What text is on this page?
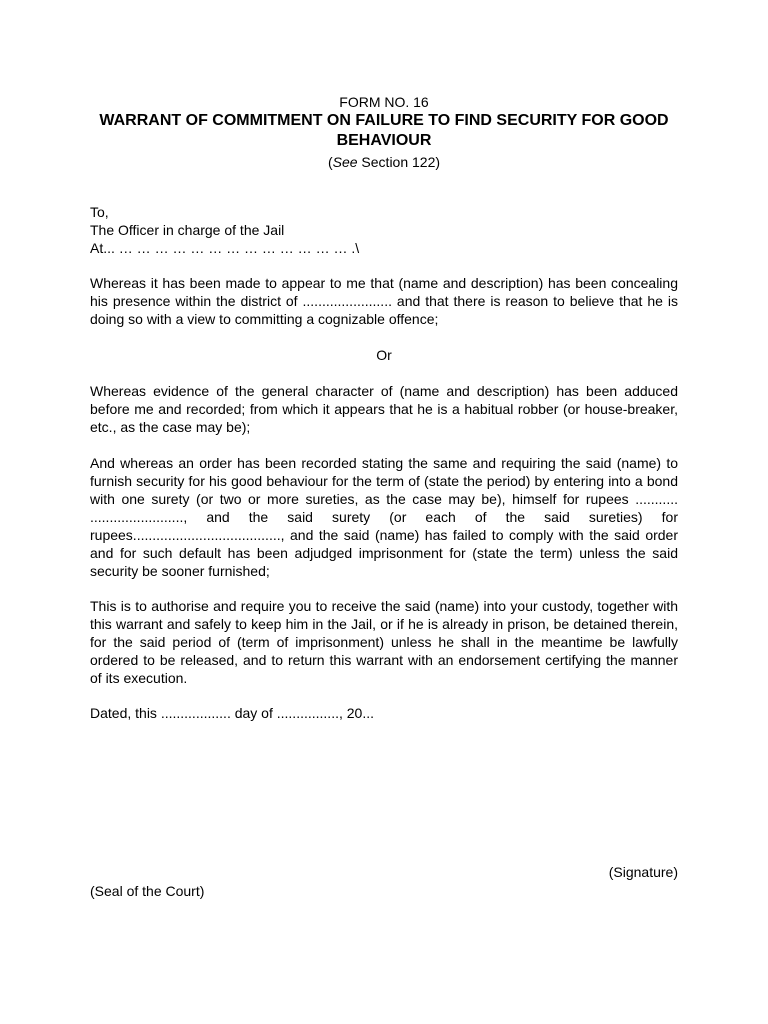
FORM NO. 16
WARRANT OF COMMITMENT ON FAILURE TO FIND SECURITY FOR GOOD BEHAVIOUR
(See Section 122)
To,
The Officer in charge of the Jail
At... … … … … … … … … … … … … … .\
Whereas it has been made to appear to me that (name and description) has been concealing his presence within the district of ....................... and that there is reason to believe that he is doing so with a view to committing a cognizable offence;
Or
Whereas evidence of the general character of (name and description) has been adduced before me and recorded; from which it appears that he is a habitual robber (or house-breaker, etc., as the case may be);
And whereas an order has been recorded stating the same and requiring the said (name) to furnish security for his good behaviour for the term of (state the period) by entering into a bond with one surety (or two or more sureties, as the case may be), himself for rupees ........... ........................, and the said surety (or each of the said sureties) for rupees......................................, and the said (name) has failed to comply with the said order and for such default has been adjudged imprisonment for (state the term) unless the said security be sooner furnished;
This is to authorise and require you to receive the said (name) into your custody, together with this warrant and safely to keep him in the Jail, or if he is already in prison, be detained therein, for the said period of (term of imprisonment) unless he shall in the meantime be lawfully ordered to be released, and to return this warrant with an endorsement certifying the manner of its execution.
Dated, this .................. day of ................, 20...
(Signature)
(Seal of the Court)
